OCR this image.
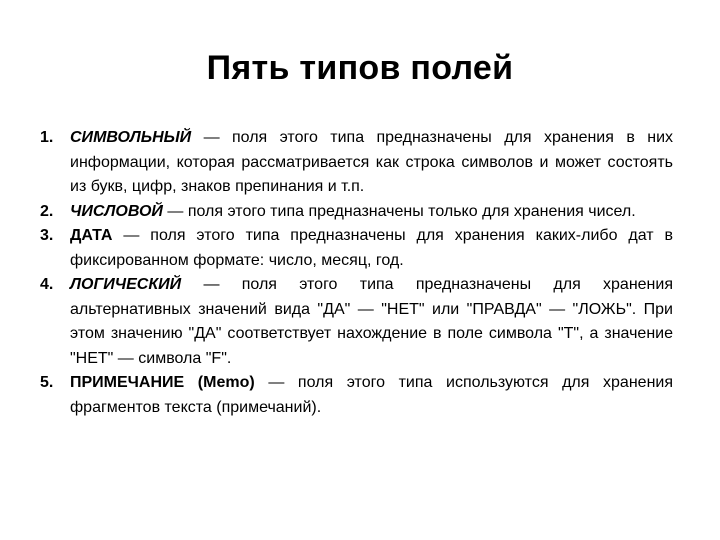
Пять типов полей
1. СИМВОЛЬНЫЙ — поля этого типа предназначены для хранения в них информации, которая рассматривается как строка символов и может состоять из букв, цифр, знаков препинания и т.п.
2. ЧИСЛОВОЙ — поля этого типа предназначены только для хранения чисел.
3. ДАТА — поля этого типа предназначены для хранения каких-либо дат в фиксированном формате: число, месяц, год.
4. ЛОГИЧЕСКИЙ — поля этого типа предназначены для хранения альтернативных значений вида "ДА" — "НЕТ" или "ПРАВДА" — "ЛОЖЬ". При этом значению "ДА" соответствует нахождение в поле символа "Т", а значение "НЕТ" — символа "F".
5. ПРИМЕЧАНИЕ (Memo) — поля этого типа используются для хранения фрагментов текста (примечаний).
